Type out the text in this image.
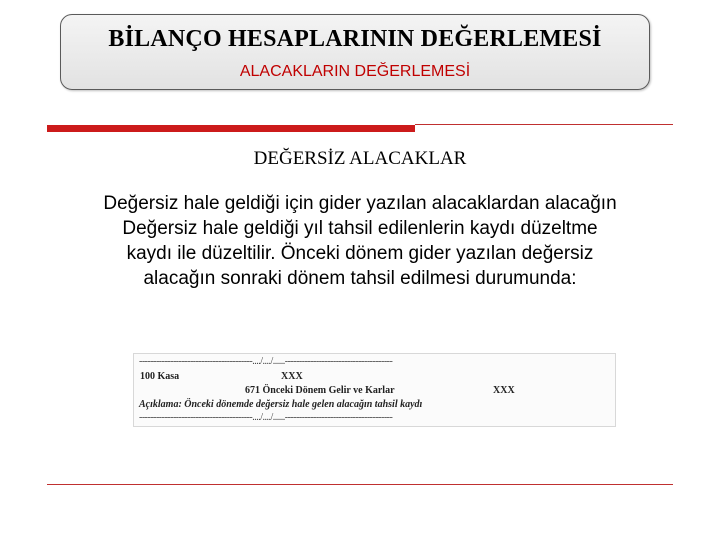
BİLANÇO HESAPLARININ DEĞERLEMESİ
ALACAKLARIN DEĞERLEMESİ
DEĞERSİZ ALACAKLAR
Değersiz hale geldiği için gider yazılan alacaklardan alacağın
Değersiz hale geldiği yıl tahsil edilenlerin kaydı düzeltme
kaydı ile düzeltilir. Önceki dönem gider yazılan değersiz
alacağın sonraki dönem tahsil edilmesi durumunda:
----------------------------------------..../..../......--------------------------------------
100 Kasa	XXX
671 Önceki Dönem Gelir ve Karlar	XXX
Açıklama: Önceki dönemde değersiz hale gelen alacağın tahsil kaydı
----------------------------------------..../..../......--------------------------------------
